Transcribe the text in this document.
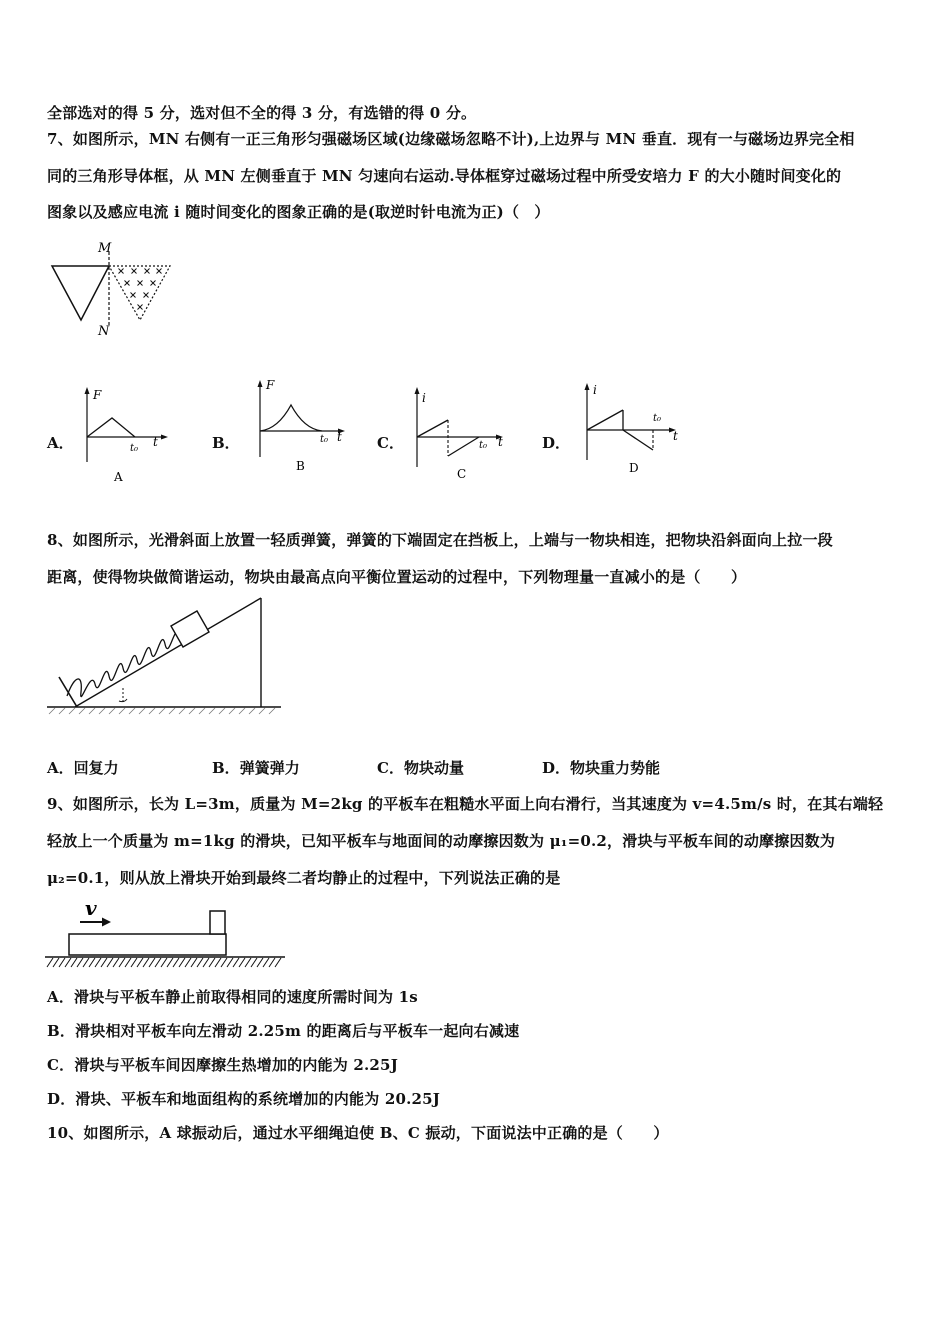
全部选对的得 5 分，选对但不全的得 3 分，有选错的得 0 分。
7、如图所示，MN 右侧有一正三角形匀强磁场区域(边缘磁场忽略不计),上边界与 MN 垂直．现有一与磁场边界完全相
同的三角形导体框，从 MN 左侧垂直于 MN 匀速向右运动.导体框穿过磁场过程中所受安培力 F 的大小随时间变化的
图象以及感应电流 i 随时间变化的图象正确的是(取逆时针电流为正)（　）
M
N
A．
F
t
t₀
A
B．
F
t
t₀
B
C．
i
t
t₀
C
D．
i
t
t₀
D
8、如图所示，光滑斜面上放置一轻质弹簧，弹簧的下端固定在挡板上，上端与一物块相连，把物块沿斜面向上拉一段
距离，使得物块做简谐运动，物块由最高点向平衡位置运动的过程中，下列物理量一直减小的是（　　）
A．回复力	B．弹簧弹力	C．物块动量	D．物块重力势能
9、如图所示，长为 L=3m，质量为 M=2kg 的平板车在粗糙水平面上向右滑行，当其速度为 v=4.5m/s 时，在其右端轻
轻放上一个质量为 m=1kg 的滑块，已知平板车与地面间的动摩擦因数为 μ₁=0.2，滑块与平板车间的动摩擦因数为
μ₂=0.1，则从放上滑块开始到最终二者均静止的过程中，下列说法正确的是
v
A．滑块与平板车静止前取得相同的速度所需时间为 1s
B．滑块相对平板车向左滑动 2.25m 的距离后与平板车一起向右减速
C．滑块与平板车间因摩擦生热增加的内能为 2.25J
D．滑块、平板车和地面组构的系统增加的内能为 20.25J
10、如图所示，A 球振动后，通过水平细绳迫使 B、C 振动，下面说法中正确的是（　　）
